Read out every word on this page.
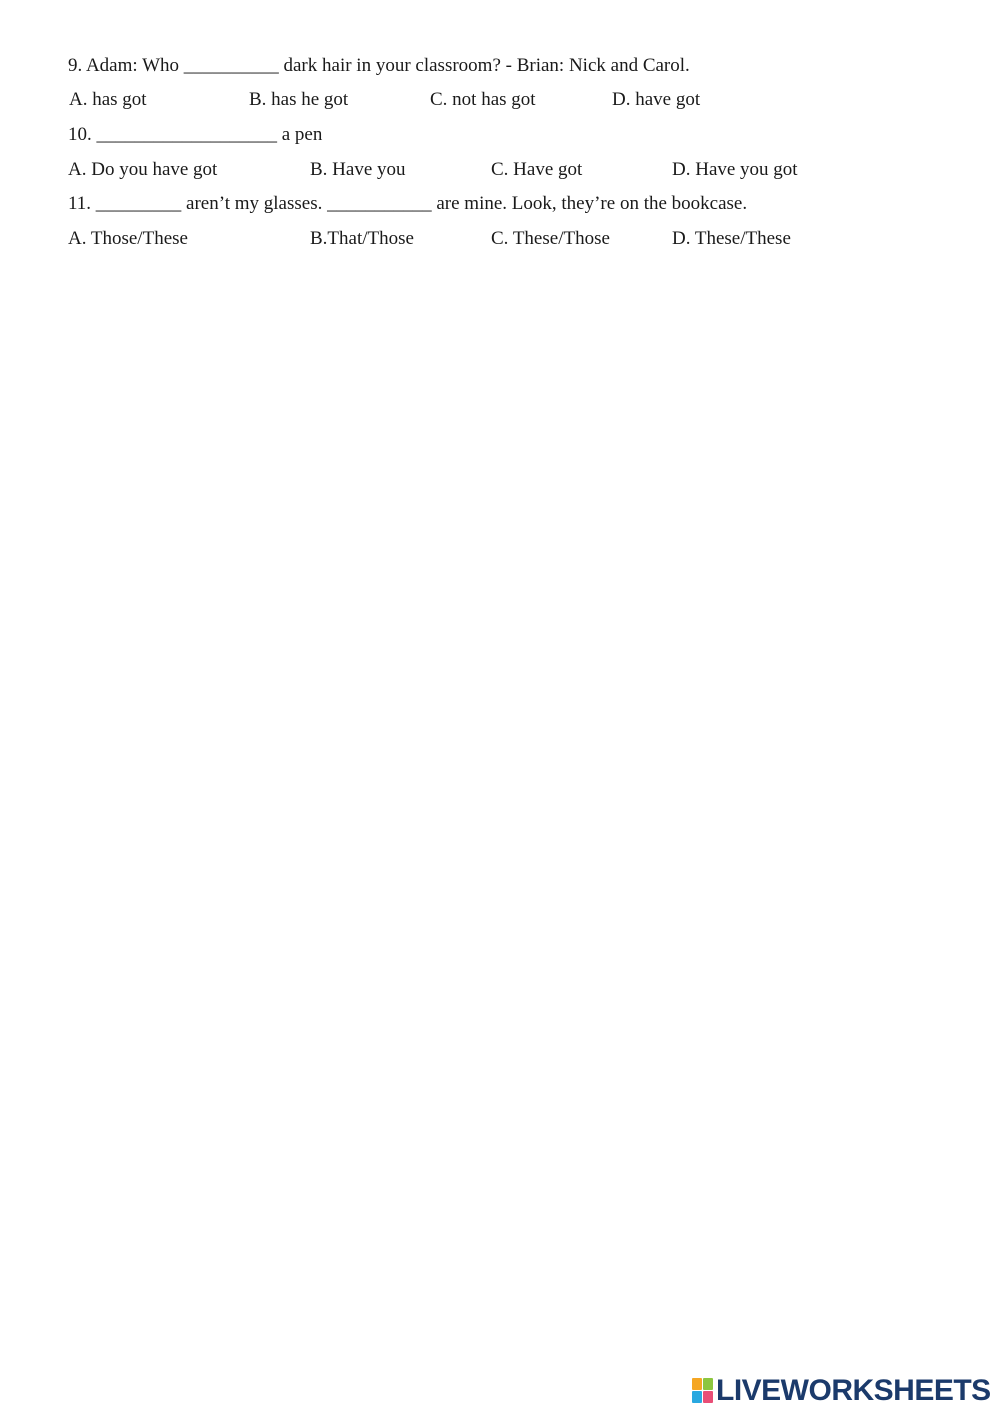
9. Adam: Who __________ dark hair in your classroom? - Brian: Nick and Carol.
A. has got	B. has he got	C. not has got	D. have got
10. ___________________ a pen
A. Do you have got	B. Have you	C. Have got	D. Have you got
11. _________ aren’t my glasses. ___________ are mine. Look, they’re on the bookcase.
A. Those/These	B.That/Those	C. These/Those	D. These/These
LIVEWORKSHEETS
